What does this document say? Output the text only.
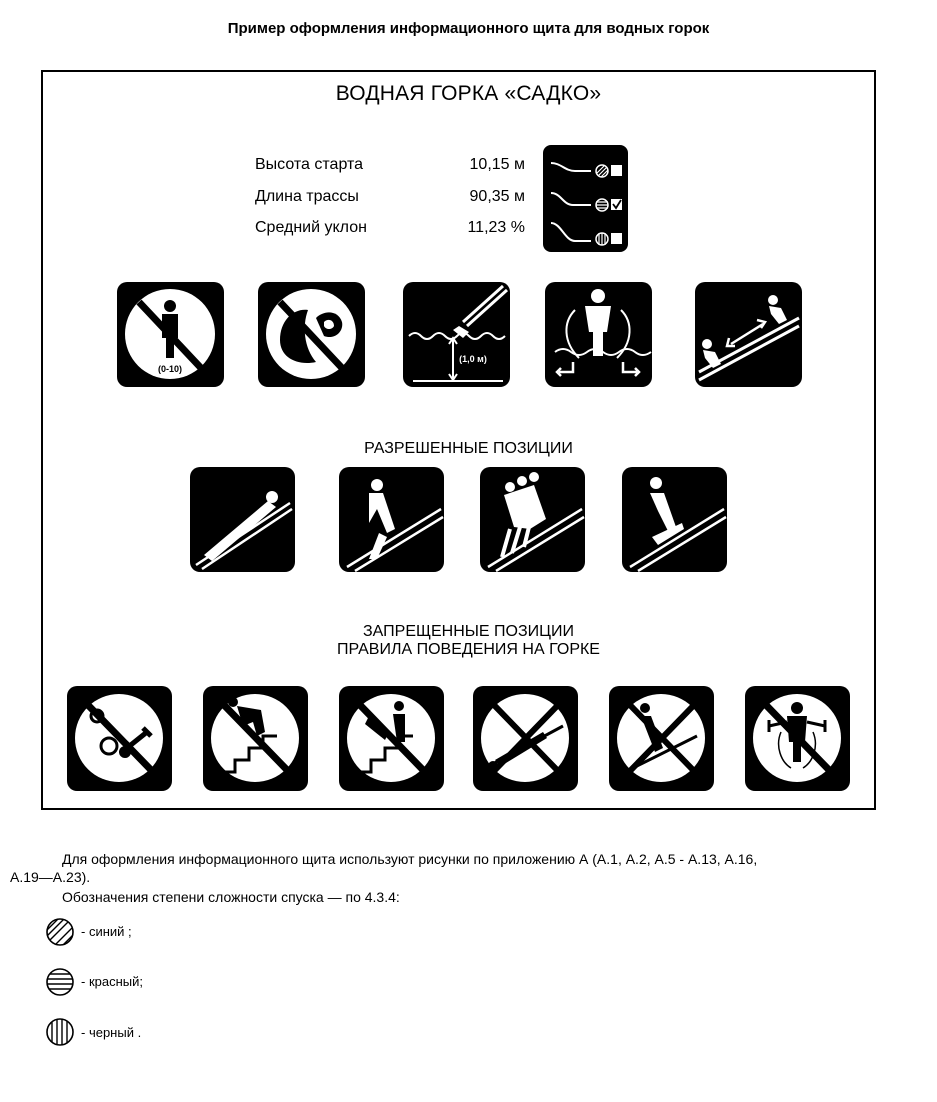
Пример оформления информационного щита для водных горок
ВОДНАЯ ГОРКА «САДКО»
Высота старта	10,15 м
Длина трассы	90,35 м
Средний уклон	11,23 %
(0-10)
(1,0 м)
РАЗРЕШЕННЫЕ ПОЗИЦИИ
ЗАПРЕЩЕННЫЕ ПОЗИЦИИ
ПРАВИЛА ПОВЕДЕНИЯ НА ГОРКЕ
Для оформления информационного щита используют рисунки по приложению А (А.1, А.2, А.5 - А.13, А.16,
А.19—А.23).
Обозначения степени сложности спуска — по 4.3.4:
- синий ;
- красный;
- черный .
